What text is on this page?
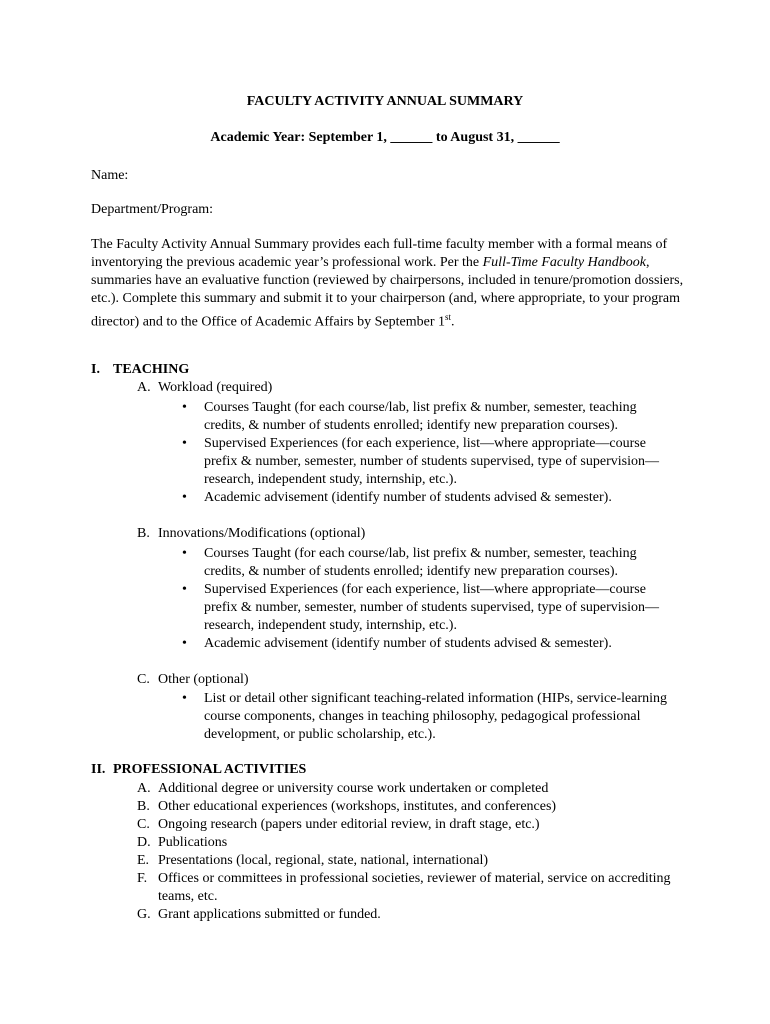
FACULTY ACTIVITY ANNUAL SUMMARY
Academic Year: September 1, ______ to August 31, ______
Name:
Department/Program:
The Faculty Activity Annual Summary provides each full-time faculty member with a formal means of inventorying the previous academic year’s professional work. Per the Full-Time Faculty Handbook, summaries have an evaluative function (reviewed by chairpersons, included in tenure/promotion dossiers, etc.). Complete this summary and submit it to your chairperson (and, where appropriate, to your program director) and to the Office of Academic Affairs by September 1st.
I. TEACHING
A. Workload (required)
• Courses Taught (for each course/lab, list prefix & number, semester, teaching credits, & number of students enrolled; identify new preparation courses).
• Supervised Experiences (for each experience, list—where appropriate—course prefix & number, semester, number of students supervised, type of supervision—research, independent study, internship, etc.).
• Academic advisement (identify number of students advised & semester).
B. Innovations/Modifications (optional)
• Courses Taught (for each course/lab, list prefix & number, semester, teaching credits, & number of students enrolled; identify new preparation courses).
• Supervised Experiences (for each experience, list—where appropriate—course prefix & number, semester, number of students supervised, type of supervision—research, independent study, internship, etc.).
• Academic advisement (identify number of students advised & semester).
C. Other (optional)
• List or detail other significant teaching-related information (HIPs, service-learning course components, changes in teaching philosophy, pedagogical professional development, or public scholarship, etc.).
II. PROFESSIONAL ACTIVITIES
A. Additional degree or university course work undertaken or completed
B. Other educational experiences (workshops, institutes, and conferences)
C. Ongoing research (papers under editorial review, in draft stage, etc.)
D. Publications
E. Presentations (local, regional, state, national, international)
F. Offices or committees in professional societies, reviewer of material, service on accrediting teams, etc.
G. Grant applications submitted or funded.
